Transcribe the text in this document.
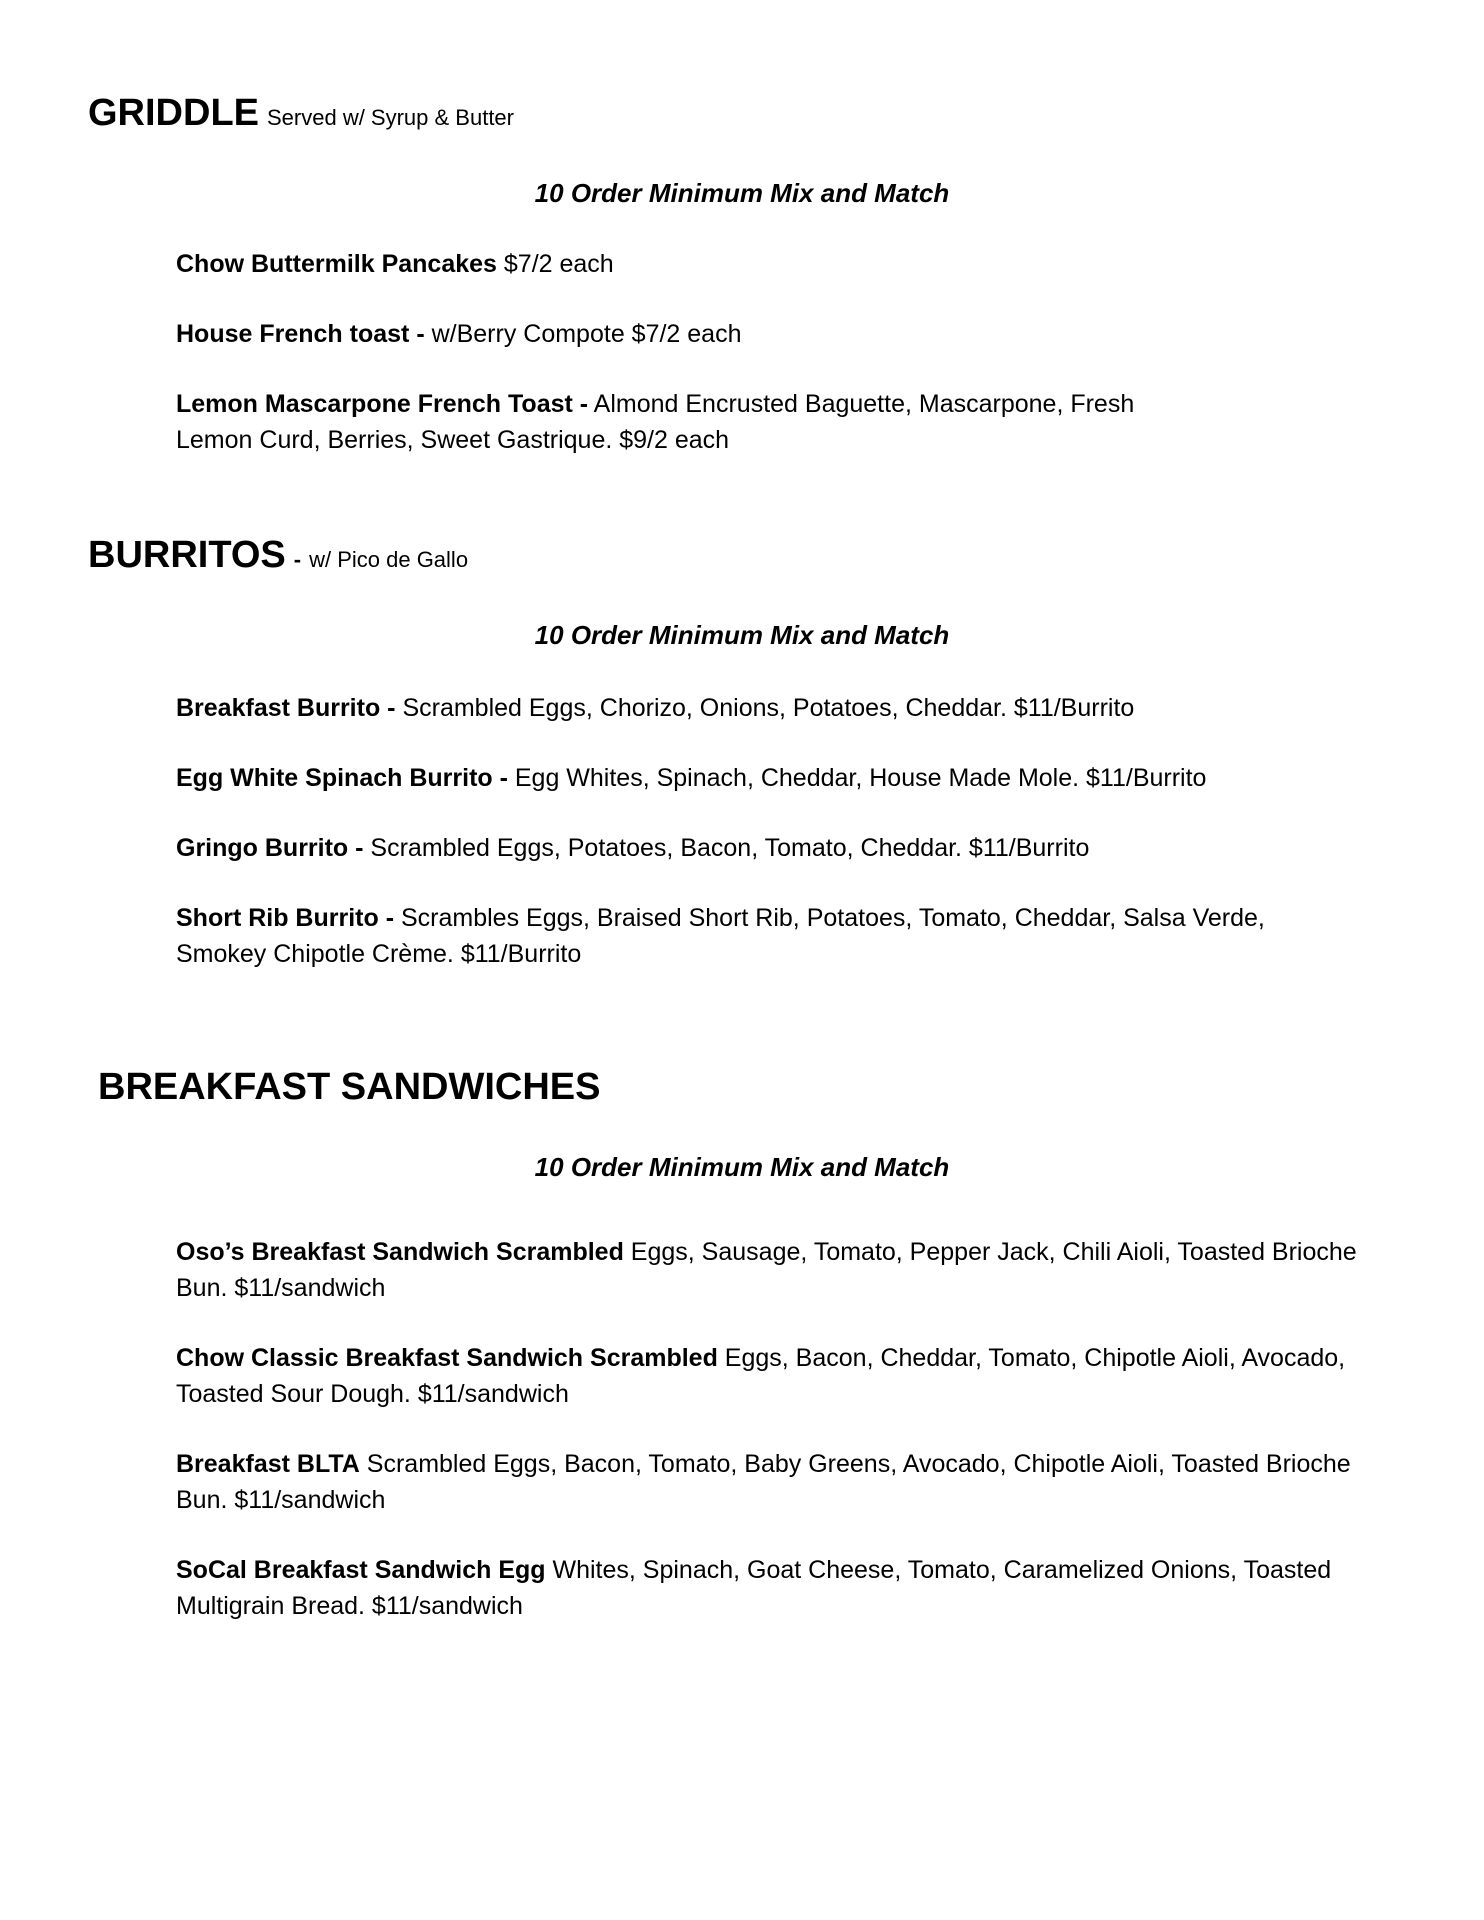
GRIDDLE Served w/ Syrup & Butter
10 Order Minimum Mix and Match
Chow Buttermilk Pancakes $7/2 each
House French toast - w/Berry Compote $7/2 each
Lemon Mascarpone French Toast - Almond Encrusted Baguette, Mascarpone, Fresh Lemon Curd, Berries, Sweet Gastrique. $9/2 each
BURRITOS - w/ Pico de Gallo
10 Order Minimum Mix and Match
Breakfast Burrito - Scrambled Eggs, Chorizo, Onions, Potatoes, Cheddar. $11/Burrito
Egg White Spinach Burrito - Egg Whites, Spinach, Cheddar, House Made Mole. $11/Burrito
Gringo Burrito - Scrambled Eggs, Potatoes, Bacon, Tomato, Cheddar. $11/Burrito
Short Rib Burrito - Scrambles Eggs, Braised Short Rib, Potatoes, Tomato, Cheddar, Salsa Verde, Smokey Chipotle Crème. $11/Burrito
BREAKFAST SANDWICHES
10 Order Minimum Mix and Match
Oso’s Breakfast Sandwich Scrambled Eggs, Sausage, Tomato, Pepper Jack, Chili Aioli, Toasted Brioche Bun. $11/sandwich
Chow Classic Breakfast Sandwich Scrambled Eggs, Bacon, Cheddar, Tomato, Chipotle Aioli, Avocado, Toasted Sour Dough. $11/sandwich
Breakfast BLTA Scrambled Eggs, Bacon, Tomato, Baby Greens, Avocado, Chipotle Aioli, Toasted Brioche Bun. $11/sandwich
SoCal Breakfast Sandwich Egg Whites, Spinach, Goat Cheese, Tomato, Caramelized Onions, Toasted Multigrain Bread. $11/sandwich
